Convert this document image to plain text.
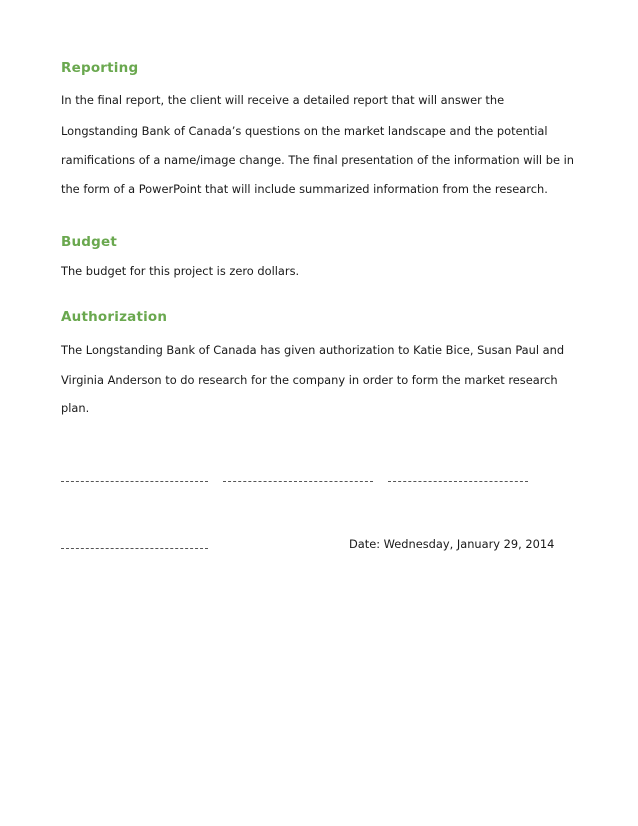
Reporting
In the final report, the client will receive a detailed report that will answer the
Longstanding Bank of Canada’s questions on the market landscape and the potential
ramifications of a name/image change. The final presentation of the information will be in
the form of a PowerPoint that will include summarized information from the research.
Budget
The budget for this project is zero dollars.
Authorization
The Longstanding Bank of Canada has given authorization to Katie Bice, Susan Paul and
Virginia Anderson to do research for the company in order to form the market research
plan.
Date: Wednesday, January 29, 2014
